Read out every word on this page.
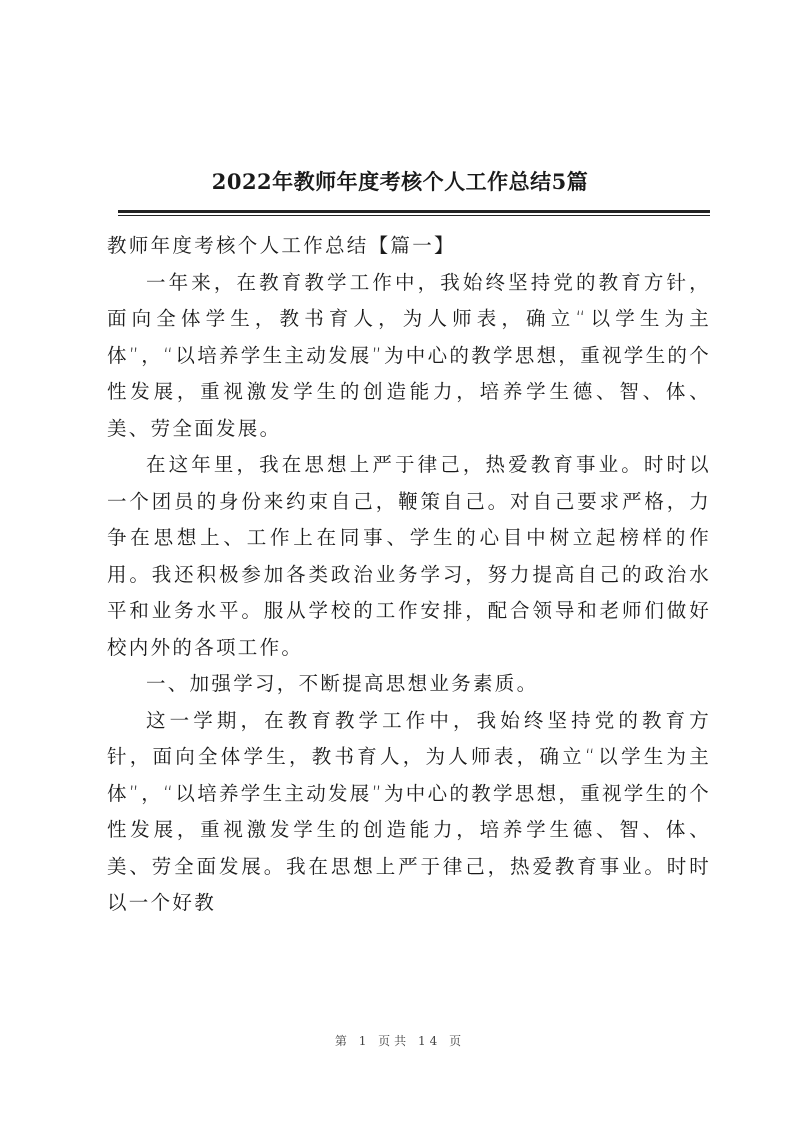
2022年教师年度考核个人工作总结5篇

教师年度考核个人工作总结【篇一】

一年来，在教育教学工作中，我始终坚持党的教育方针，面向全体学生，教书育人，为人师表，确立“以学生为主体”，“以培养学生主动发展”为中心的教学思想，重视学生的个性发展，重视激发学生的创造能力，培养学生德、智、体、美、劳全面发展。

在这年里，我在思想上严于律己，热爱教育事业。时时以一个团员的身份来约束自己，鞭策自己。对自己要求严格，力争在思想上、工作上在同事、学生的心目中树立起榜样的作用。我还积极参加各类政治业务学习，努力提高自己的政治水平和业务水平。服从学校的工作安排，配合领导和老师们做好校内外的各项工作。

一、加强学习，不断提高思想业务素质。

这一学期，在教育教学工作中，我始终坚持党的教育方针，面向全体学生，教书育人，为人师表，确立“以学生为主体”，“以培养学生主动发展”为中心的教学思想，重视学生的个性发展，重视激发学生的创造能力，培养学生德、智、体、美、劳全面发展。我在思想上严于律己，热爱教育事业。时时以一个好教

第 1 页共 14 页
